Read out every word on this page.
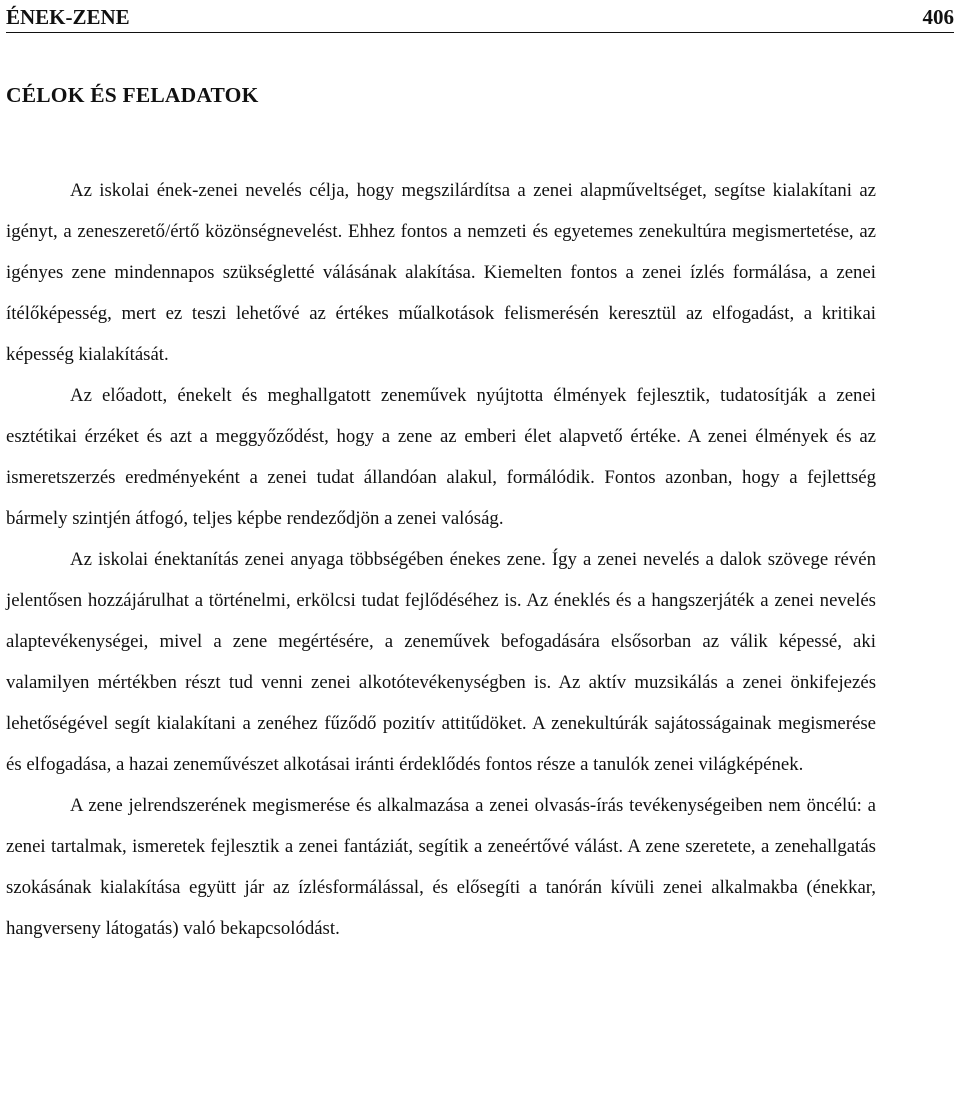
ÉNEK-ZENE	406
CÉLOK ÉS FELADATOK

Az iskolai ének-zenei nevelés célja, hogy megszilárdítsa a zenei alapműveltséget, segítse kialakítani az igényt, a zeneszerető/értő közönségnevelést. Ehhez fontos a nemzeti és egyetemes zenekultúra megismertetése, az igényes zene mindennapos szükségletté válásának alakítása. Kiemelten fontos a zenei ízlés formálása, a zenei ítélőképesség, mert ez teszi lehetővé az értékes műalkotások felismerésén keresztül az elfogadást, a kritikai képesség kialakítását.

Az előadott, énekelt és meghallgatott zeneművek nyújtotta élmények fejlesztik, tudatosítják a zenei esztétikai érzéket és azt a meggyőződést, hogy a zene az emberi élet alapvető értéke. A zenei élmények és az ismeretszerzés eredményeként a zenei tudat állandóan alakul, formálódik. Fontos azonban, hogy a fejlettség bármely szintjén átfogó, teljes képbe rendeződjön a zenei valóság.

Az iskolai énektanítás zenei anyaga többségében énekes zene. Így a zenei nevelés a dalok szövege révén jelentősen hozzájárulhat a történelmi, erkölcsi tudat fejlődéséhez is. Az éneklés és a hangszerjáték a zenei nevelés alaptevékenységei, mivel a zene megértésére, a zeneművek befogadására elsősorban az válik képessé, aki valamilyen mértékben részt tud venni zenei alkotótevékenységben is. Az aktív muzsikálás a zenei önkifejezés lehetőségével segít kialakítani a zenéhez fűződő pozitív attitűdöket. A zenekultúrák sajátosságainak megismerése és elfogadása, a hazai zeneművészet alkotásai iránti érdeklődés fontos része a tanulók zenei világképének.

A zene jelrendszerének megismerése és alkalmazása a zenei olvasás-írás tevékenységeiben nem öncélú: a zenei tartalmak, ismeretek fejlesztik a zenei fantáziát, segítik a zeneértővé válást. A zene szeretete, a zenehallgatás szokásának kialakítása együtt jár az ízlésformálással, és elősegíti a tanórán kívüli zenei alkalmakba (énekkar, hangverseny látogatás) való bekapcsolódást.
